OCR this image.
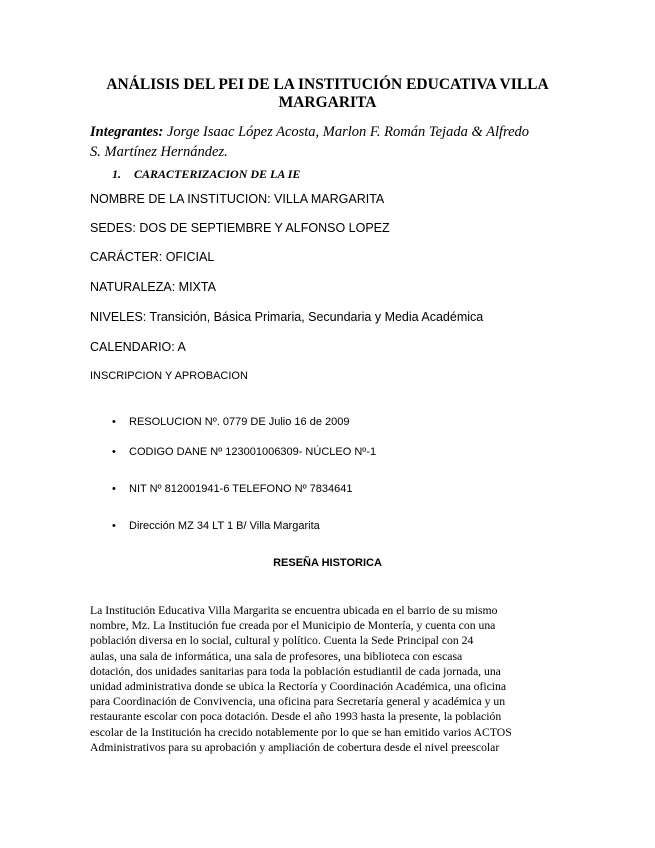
ANÁLISIS DEL PEI DE LA INSTITUCIÓN EDUCATIVA VILLA
MARGARITA
Integrantes: Jorge Isaac López Acosta, Marlon F. Román Tejada & Alfredo
S. Martínez Hernández.
1. CARACTERIZACION DE LA IE
NOMBRE DE LA INSTITUCION: VILLA MARGARITA
SEDES: DOS DE SEPTIEMBRE Y ALFONSO LOPEZ
CARÁCTER: OFICIAL
NATURALEZA: MIXTA
NIVELES: Transición, Básica Primaria, Secundaria y Media Académica
CALENDARIO: A
INSCRIPCION Y APROBACION
• RESOLUCION Nº. 0779 DE Julio 16 de 2009
• CODIGO DANE Nº 123001006309- NÚCLEO Nº-1
• NIT Nº 812001941-6 TELEFONO Nº 7834641
• Dirección MZ 34 LT 1 B/ Villa Margarita
RESEÑA HISTORICA
La Institución Educativa Villa Margarita se encuentra ubicada en el barrio de su mismo
nombre, Mz. La Institución fue creada por el Municipio de Montería, y cuenta con una
población diversa en lo social, cultural y político. Cuenta la Sede Principal con 24
aulas, una sala de informática, una sala de profesores, una biblioteca con escasa
dotación, dos unidades sanitarias para toda la población estudiantil de cada jornada, una
unidad administrativa donde se ubica la Rectoría y Coordinación Académica, una oficina
para Coordinación de Convivencia, una oficina para Secretaría general y académica y un
restaurante escolar con poca dotación. Desde el año 1993 hasta la presente, la población
escolar de la Institución ha crecido notablemente por lo que se han emitido varios ACTOS
Administrativos para su aprobación y ampliación de cobertura desde el nivel preescolar
